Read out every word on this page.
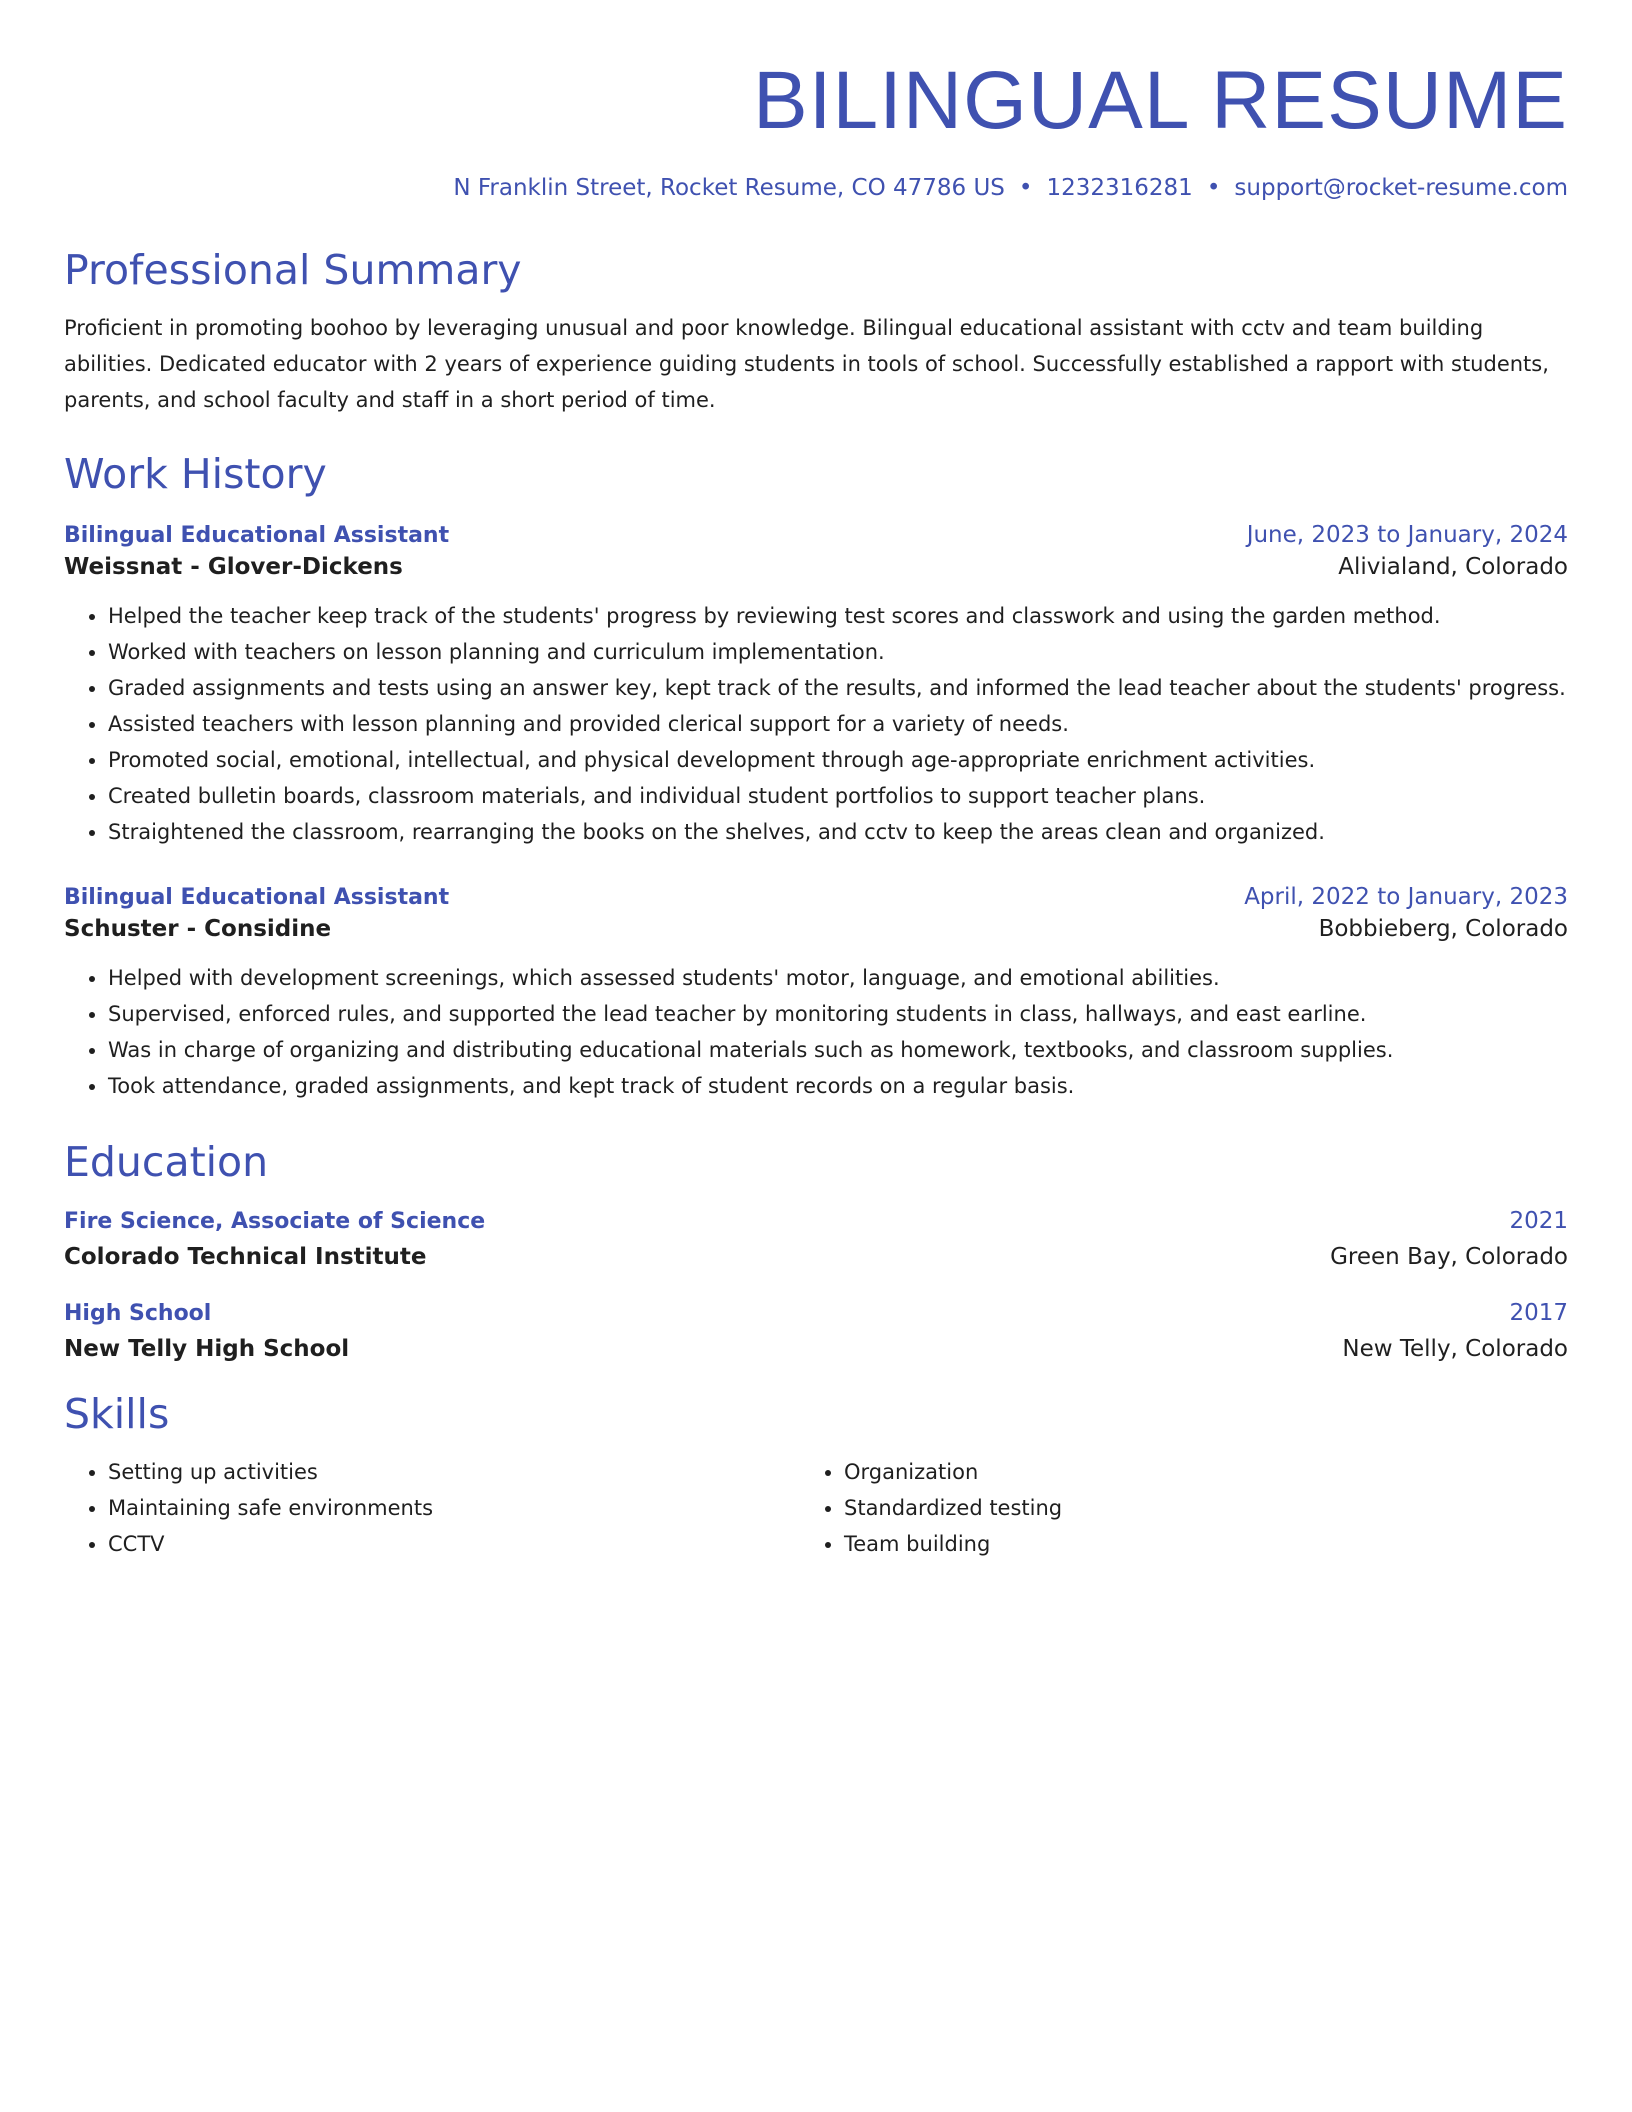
BILINGUAL RESUME
N Franklin Street, Rocket Resume, CO 47786 US • 1232316281 • support@rocket-resume.com
Professional Summary
Proficient in promoting boohoo by leveraging unusual and poor knowledge. Bilingual educational assistant with cctv and team building abilities. Dedicated educator with 2 years of experience guiding students in tools of school. Successfully established a rapport with students, parents, and school faculty and staff in a short period of time.
Work History
Bilingual Educational Assistant	June, 2023 to January, 2024
Weissnat - Glover-Dickens	Alivialand, Colorado
• Helped the teacher keep track of the students' progress by reviewing test scores and classwork and using the garden method.
• Worked with teachers on lesson planning and curriculum implementation.
• Graded assignments and tests using an answer key, kept track of the results, and informed the lead teacher about the students' progress.
• Assisted teachers with lesson planning and provided clerical support for a variety of needs.
• Promoted social, emotional, intellectual, and physical development through age-appropriate enrichment activities.
• Created bulletin boards, classroom materials, and individual student portfolios to support teacher plans.
• Straightened the classroom, rearranging the books on the shelves, and cctv to keep the areas clean and organized.
Bilingual Educational Assistant	April, 2022 to January, 2023
Schuster - Considine	Bobbieberg, Colorado
• Helped with development screenings, which assessed students' motor, language, and emotional abilities.
• Supervised, enforced rules, and supported the lead teacher by monitoring students in class, hallways, and east earline.
• Was in charge of organizing and distributing educational materials such as homework, textbooks, and classroom supplies.
• Took attendance, graded assignments, and kept track of student records on a regular basis.
Education
Fire Science, Associate of Science	2021
Colorado Technical Institute	Green Bay, Colorado
High School	2017
New Telly High School	New Telly, Colorado
Skills
• Setting up activities
• Maintaining safe environments
• CCTV
• Organization
• Standardized testing
• Team building
